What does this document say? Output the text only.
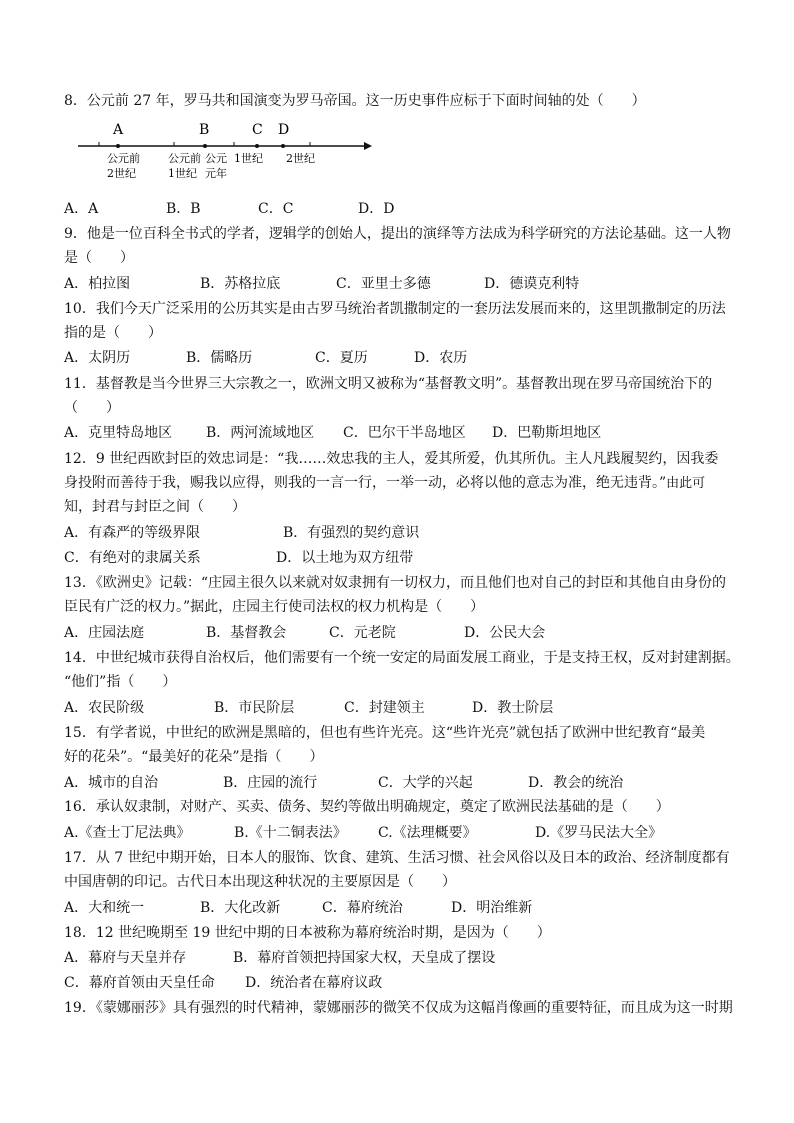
8．公元前 27 年，罗马共和国演变为罗马帝国。这一历史事件应标于下面时间轴的处（　　）
A	B	C D
公元前
2世纪
公元前
1世纪
公元
元年
1世纪 2世纪
A．A	B．B	C．C	D．D
9．他是一位百科全书式的学者，逻辑学的创始人，提出的演绎等方法成为科学研究的方法论基础。这一人物
是（　　）
A．柏拉图	B．苏格拉底	C．亚里士多德	D．德谟克利特
10．我们今天广泛采用的公历其实是由古罗马统治者凯撒制定的一套历法发展而来的，这里凯撒制定的历法
指的是（　　）
A．太阴历	B．儒略历	C．夏历	D．农历
11．基督教是当今世界三大宗教之一，欧洲文明又被称为“基督教文明”。基督教出现在罗马帝国统治下的
（　　）
A．克里特岛地区 B．两河流域地区 C．巴尔干半岛地区 D．巴勒斯坦地区
12．9 世纪西欧封臣的效忠词是：“我……效忠我的主人，爱其所爱，仇其所仇。主人凡践履契约，因我委
身投附而善待于我，赐我以应得，则我的一言一行，一举一动，必将以他的意志为准，绝无违背。”由此可
知，封君与封臣之间（　　）
A．有森严的等级界限	B．有强烈的契约意识
C．有绝对的隶属关系	D．以土地为双方纽带
13．《欧洲史》记载：“庄园主很久以来就对奴隶拥有一切权力，而且他们也对自己的封臣和其他自由身份的
臣民有广泛的权力。”据此，庄园主行使司法权的权力机构是（　　）
A．庄园法庭	B．基督教会	C．元老院	D．公民大会
14．中世纪城市获得自治权后，他们需要有一个统一安定的局面发展工商业，于是支持王权，反对封建割据。
“他们”指（　　）
A．农民阶级	B．市民阶层	C．封建领主	D．教士阶层
15．有学者说，中世纪的欧洲是黑暗的，但也有些许光亮。这“些许光亮”就包括了欧洲中世纪教育“最美
好的花朵”。“最美好的花朵”是指（　　）
A．城市的自治	B．庄园的流行	C．大学的兴起	D．教会的统治
16．承认奴隶制，对财产、买卖、债务、契约等做出明确规定，奠定了欧洲民法基础的是（　　）
A.《查士丁尼法典》	B.《十二铜表法》 C.《法理概要》	D.《罗马民法大全》
17．从 7 世纪中期开始，日本人的服饰、饮食、建筑、生活习惯、社会风俗以及日本的政治、经济制度都有
中国唐朝的印记。古代日本出现这种状况的主要原因是（　　）
A．大和统一	B．大化改新	C．幕府统治	D．明治维新
18．12 世纪晚期至 19 世纪中期的日本被称为幕府统治时期，是因为（　　）
A．幕府与天皇并存	B．幕府首领把持国家大权，天皇成了摆设
C．幕府首领由天皇任命 D．统治者在幕府议政
19．《蒙娜丽莎》具有强烈的时代精神，蒙娜丽莎的微笑不仅成为这幅肖像画的重要特征，而且成为这一时期
